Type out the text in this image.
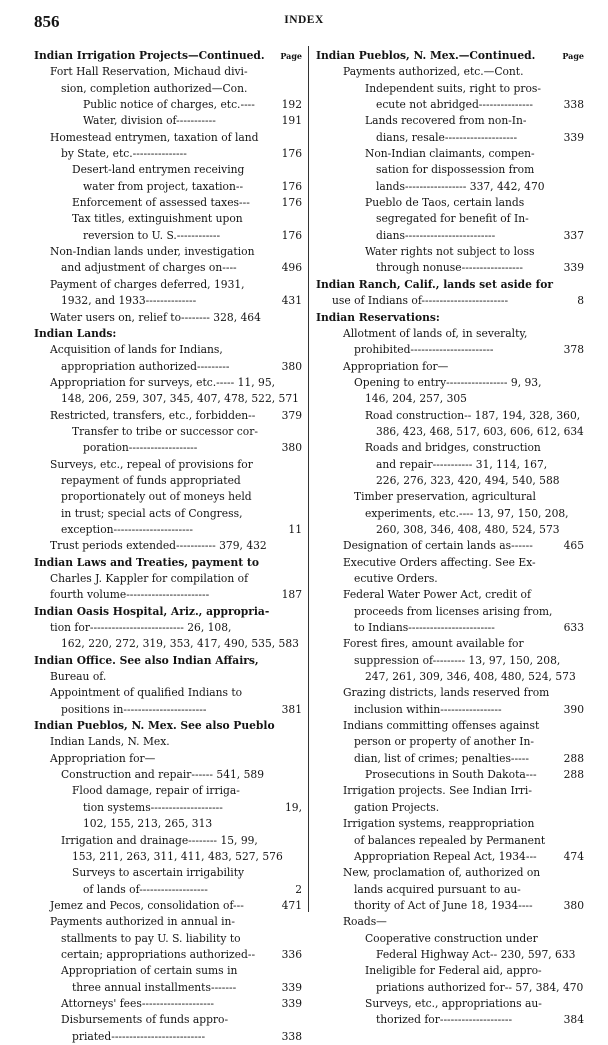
856	INDEX
Indian Irrigation Projects—Continued. Page
Fort Hall Reservation, Michaud divi-
sion, completion authorized—Con.
Public notice of charges, etc.---- 192
Water, division of-----------	191
Homestead entrymen, taxation of land
by State, etc.---------------	176
Desert-land entrymen receiving
water from project, taxation--	176
Enforcement of assessed taxes---	176
Tax titles, extinguishment upon
reversion to U. S.------------	176
Non-Indian lands under, investigation
and adjustment of charges on----	496
Payment of charges deferred, 1931,
1932, and 1933--------------	431
Water users on, relief to-------- 328, 464
Indian Lands:
Acquisition of lands for Indians,
appropriation authorized---------	380
Appropriation for surveys, etc.----- 11, 95,
148, 206, 259, 307, 345, 407, 478, 522, 571
Restricted, transfers, etc., forbidden-- 379
Transfer to tribe or successor cor-
poration-------------------	380
Surveys, etc., repeal of provisions for
repayment of funds appropriated
proportionately out of moneys held
in trust; special acts of Congress,
exception----------------------	11
Trust periods extended----------- 379, 432
Indian Laws and Treaties, payment to
Charles J. Kappler for compilation of
fourth volume-----------------------	187
Indian Oasis Hospital, Ariz., appropria-
tion for-------------------------- 26, 108,
162, 220, 272, 319, 353, 417, 490, 535, 583
Indian Office. See also Indian Affairs,
Bureau of.
Appointment of qualified Indians to
positions in-----------------------	381
Indian Pueblos, N. Mex. See also Pueblo
Indian Lands, N. Mex.
Appropriation for—
Construction and repair------ 541, 589
Flood damage, repair of irriga-
tion systems--------------------	19,
102, 155, 213, 265, 313
Irrigation and drainage-------- 15, 99,
153, 211, 263, 311, 411, 483, 527, 576
Surveys to ascertain irrigability
of lands of-------------------	2
Jemez and Pecos, consolidation of---	471
Payments authorized in annual in-
stallments to pay U. S. liability to
certain; appropriations authorized-- 336
Appropriation of certain sums in
three annual installments-------	339
Attorneys' fees--------------------	339
Disbursements of funds appro-
priated--------------------------	338
Indian Pueblos, N. Mex.—Continued.	Page
Payments authorized, etc.—Cont.
Independent suits, right to pros-
ecute not abridged---------------	338
Lands recovered from non-In-
dians, resale--------------------	339
Non-Indian claimants, compen-
sation for dispossession from
lands----------------- 337, 442, 470
Pueblo de Taos, certain lands
segregated for benefit of In-
dians-------------------------	337
Water rights not subject to loss
through nonuse-----------------	339
Indian Ranch, Calif., lands set aside for
use of Indians of------------------------	8
Indian Reservations:
Allotment of lands of, in severalty,
prohibited-----------------------	378
Appropriation for—
Opening to entry----------------- 9, 93,
146, 204, 257, 305
Road construction-- 187, 194, 328, 360,
386, 423, 468, 517, 603, 606, 612, 634
Roads and bridges, construction
and repair----------- 31, 114, 167,
226, 276, 323, 420, 494, 540, 588
Timber preservation, agricultural
experiments, etc.---- 13, 97, 150, 208,
260, 308, 346, 408, 480, 524, 573
Designation of certain lands as------	465
Executive Orders affecting. See Ex-
ecutive Orders.
Federal Water Power Act, credit of
proceeds from licenses arising from,
to Indians------------------------	633
Forest fires, amount available for
suppression of--------- 13, 97, 150, 208,
247, 261, 309, 346, 408, 480, 524, 573
Grazing districts, lands reserved from
inclusion within-----------------	390
Indians committing offenses against
person or property of another In-
dian, list of crimes; penalties-----	288
Prosecutions in South Dakota---	288
Irrigation projects. See Indian Irri-
gation Projects.
Irrigation systems, reappropriation
of balances repealed by Permanent
Appropriation Repeal Act, 1934---	474
New, proclamation of, authorized on
lands acquired pursuant to au-
thority of Act of June 18, 1934----	380
Roads—
Cooperative construction under
Federal Highway Act-- 230, 597, 633
Ineligible for Federal aid, appro-
priations authorized for-- 57, 384, 470
Surveys, etc., appropriations au-
thorized for--------------------	384
